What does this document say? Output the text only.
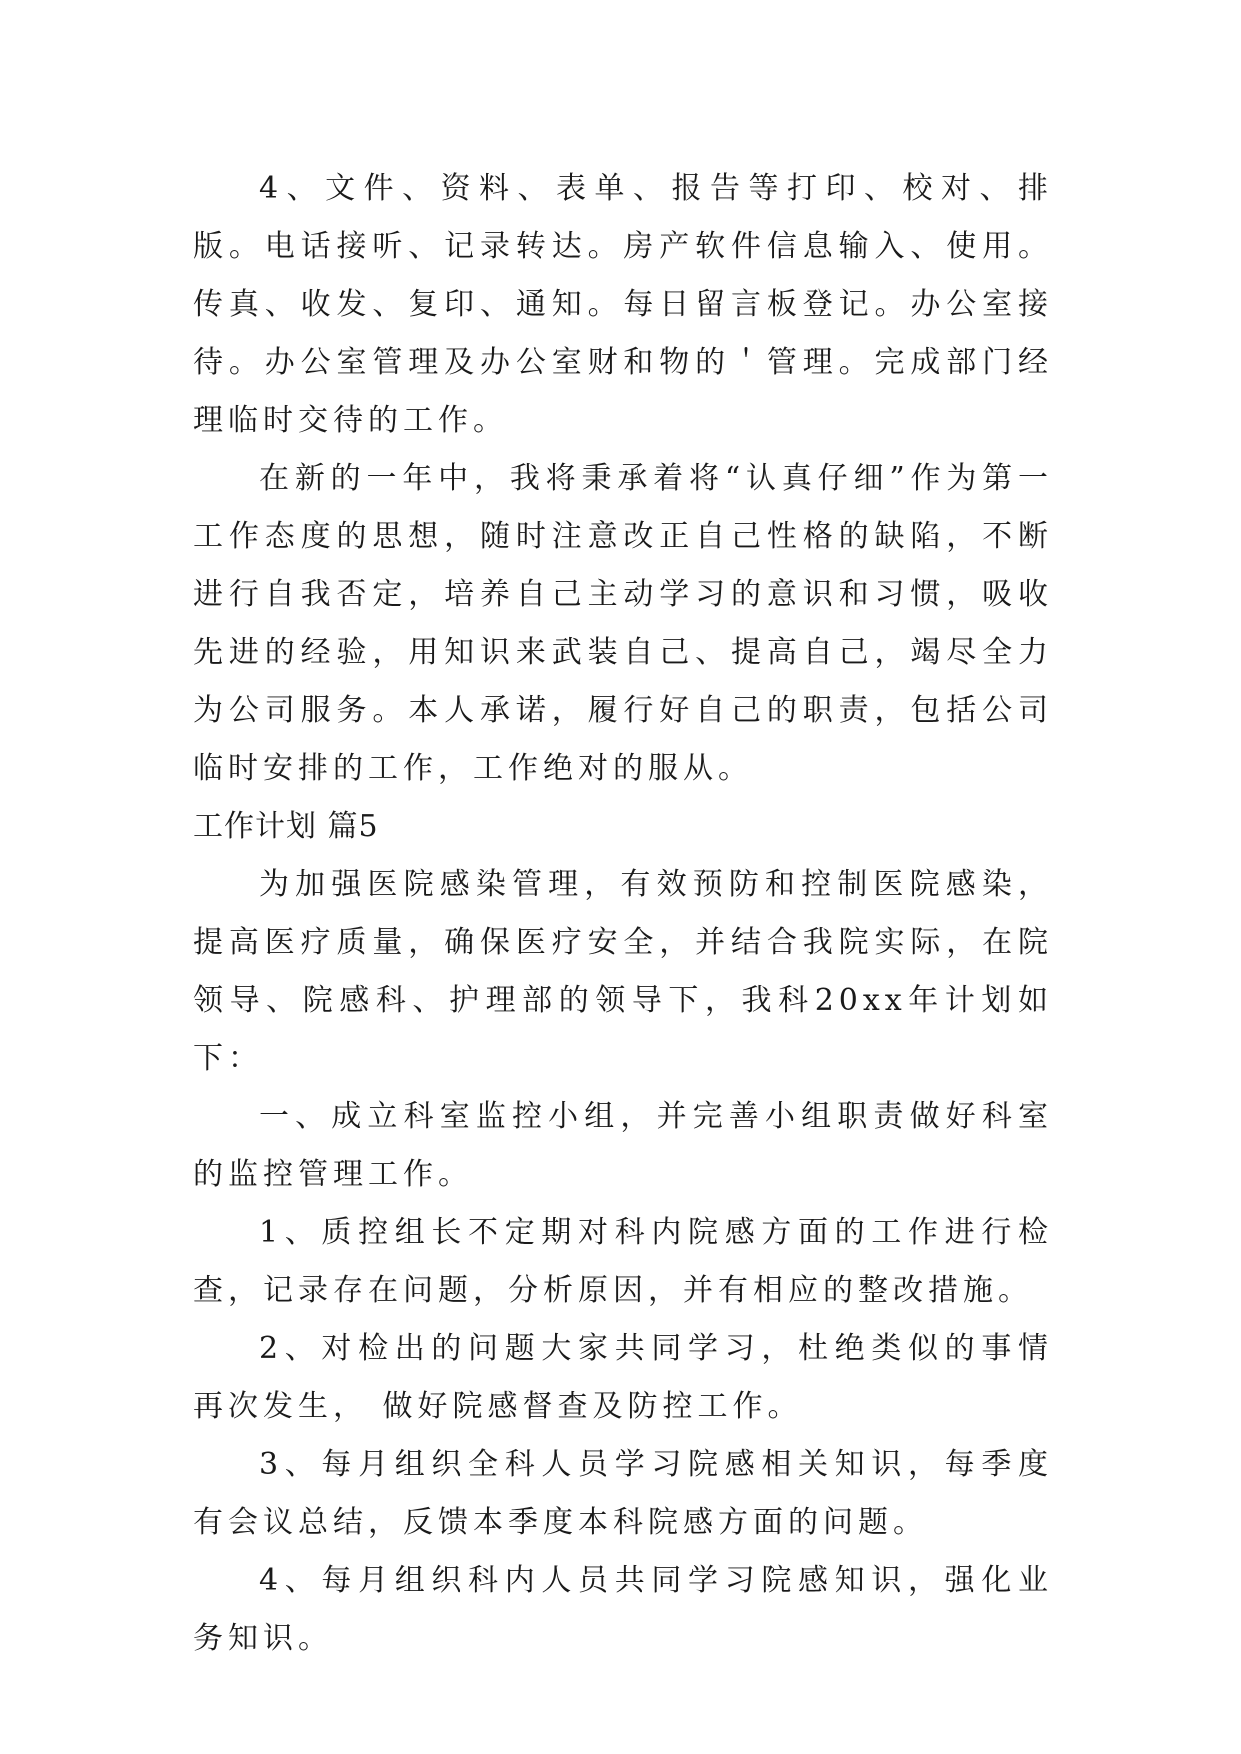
4、文件、资料、表单、报告等打印、校对、排版。电话接听、记录转达。房产软件信息输入、使用。传真、收发、复印、通知。每日留言板登记。办公室接待。办公室管理及办公室财和物的＇管理。完成部门经理临时交待的工作。

在新的一年中，我将秉承着将“认真仔细”作为第一工作态度的思想，随时注意改正自己性格的缺陷，不断进行自我否定，培养自己主动学习的意识和习惯，吸收先进的经验，用知识来武装自己、提高自己，竭尽全力为公司服务。本人承诺，履行好自己的职责，包括公司临时安排的工作，工作绝对的服从。

工作计划 篇5

为加强医院感染管理，有效预防和控制医院感染，提高医疗质量，确保医疗安全，并结合我院实际，在院领导、院感科、护理部的领导下，我科20xx年计划如下：

一、成立科室监控小组，并完善小组职责做好科室的监控管理工作。

1、质控组长不定期对科内院感方面的工作进行检查，记录存在问题，分析原因，并有相应的整改措施。

2、对检出的问题大家共同学习，杜绝类似的事情再次发生， 做好院感督查及防控工作。

3、每月组织全科人员学习院感相关知识，每季度有会议总结，反馈本季度本科院感方面的问题。

4、每月组织科内人员共同学习院感知识，强化业务知识。
